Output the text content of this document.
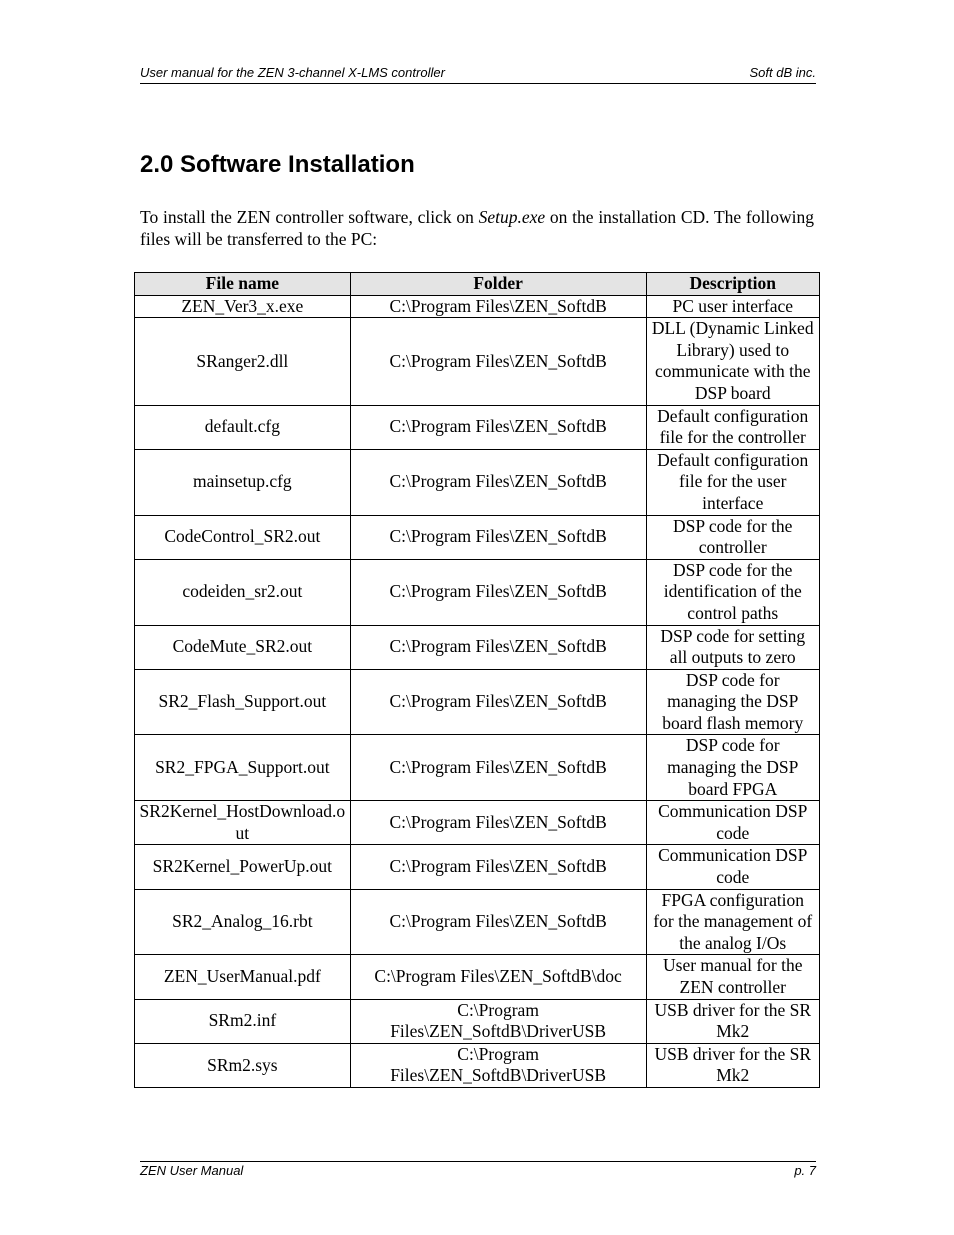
User manual for the ZEN 3-channel X-LMS controller	Soft dB inc.
2.0 Software Installation

To install the ZEN controller software, click on Setup.exe on the installation CD. The following files will be transferred to the PC:

File name	Folder	Description
ZEN_Ver3_x.exe	C:\Program Files\ZEN_SoftdB	PC user interface
SRanger2.dll	C:\Program Files\ZEN_SoftdB	DLL (Dynamic Linked Library) used to communicate with the DSP board
default.cfg	C:\Program Files\ZEN_SoftdB	Default configuration file for the controller
mainsetup.cfg	C:\Program Files\ZEN_SoftdB	Default configuration file for the user interface
CodeControl_SR2.out	C:\Program Files\ZEN_SoftdB	DSP code for the controller
codeiden_sr2.out	C:\Program Files\ZEN_SoftdB	DSP code for the identification of the control paths
CodeMute_SR2.out	C:\Program Files\ZEN_SoftdB	DSP code for setting all outputs to zero
SR2_Flash_Support.out	C:\Program Files\ZEN_SoftdB	DSP code for managing the DSP board flash memory
SR2_FPGA_Support.out	C:\Program Files\ZEN_SoftdB	DSP code for managing the DSP board FPGA
SR2Kernel_HostDownload.out	C:\Program Files\ZEN_SoftdB	Communication DSP code
SR2Kernel_PowerUp.out	C:\Program Files\ZEN_SoftdB	Communication DSP code
SR2_Analog_16.rbt	C:\Program Files\ZEN_SoftdB	FPGA configuration for the management of the analog I/Os
ZEN_UserManual.pdf	C:\Program Files\ZEN_SoftdB\doc	User manual for the ZEN controller
SRm2.inf	C:\Program Files\ZEN_SoftdB\DriverUSB	USB driver for the SR Mk2
SRm2.sys	C:\Program Files\ZEN_SoftdB\DriverUSB	USB driver for the SR Mk2
ZEN User Manual	p. 7
